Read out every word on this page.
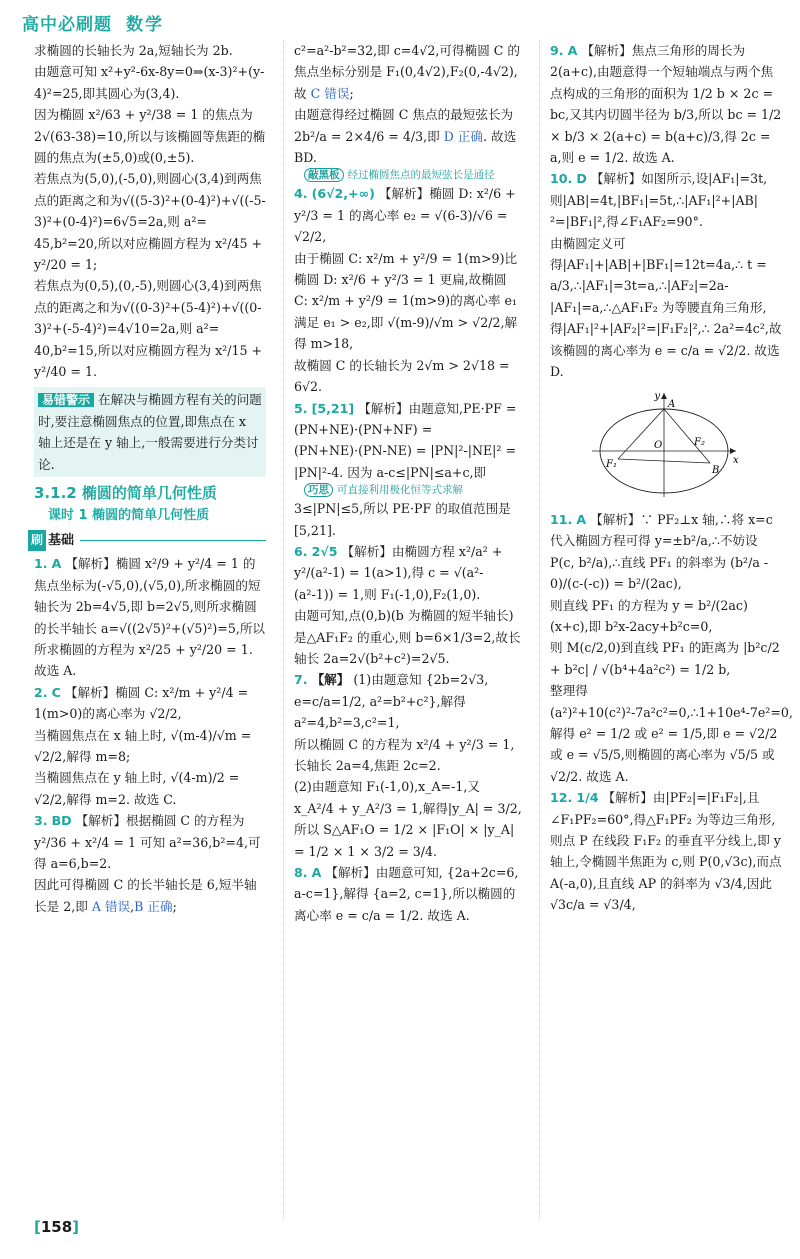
高中必刷题 数学

求椭圆的长轴长为 2a,短轴长为 2b.

由题意可知 x²+y²-6x-8y=0⇒(x-3)²+(y-4)²=25,即其圆心为(3,4).

因为椭圆 x²/63 + y²/38 = 1 的焦点为

2√(63-38)=10,所以与该椭圆等焦距的椭圆的焦点为(±5,0)或(0,±5).

若焦点为(5,0),(-5,0),则圆心(3,4)到两焦点的距离之和为√((5-3)²+(0-4)²)+√((-5-3)²+(0-4)²)=6√5=2a,则 a²=

45,b²=20,所以对应椭圆方程为 x²/45 + y²/20 = 1;

若焦点为(0,5),(0,-5),则圆心(3,4)到两焦点的距离之和为√((0-3)²+(5-4)²)+√((0-3)²+(-5-4)²)=4√10=2a,则 a²=

40,b²=15,所以对应椭圆方程为 x²/15 + y²/40 = 1.

易错警示 在解决与椭圆方程有关的问题时,要注意椭圆焦点的位置,即焦点在 x 轴上还是在 y 轴上,一般需要进行分类讨论.
3.1.2 椭圆的简单几何性质
课时 1 椭圆的简单几何性质
刷 基础

1. A 【解析】椭圆 x²/9 + y²/4 = 1 的焦点坐标为(-√5,0),(√5,0),所求椭圆的短轴长为 2b=4√5,即 b=2√5,则所求椭圆的长半轴长 a=√((2√5)²+(√5)²)=5,所以所求椭圆的方程为 x²/25 + y²/20 = 1. 故选 A.

2. C 【解析】椭圆 C: x²/m + y²/4 = 1(m>0)的离心率为 √2/2,

当椭圆焦点在 x 轴上时, √(m-4)/√m = √2/2,解得 m=8;

当椭圆焦点在 y 轴上时, √(4-m)/2 = √2/2,解得 m=2. 故选 C.

3. BD 【解析】根据椭圆 C 的方程为 y²/36 + x²/4 = 1 可知 a²=36,b²=4,可得 a=6,b=2.

因此可得椭圆 C 的长半轴长是 6,短半轴长是 2,即 A 错误,B 正确;

c²=a²-b²=32,即 c=4√2,可得椭圆 C 的焦点坐标分别是 F₁(0,4√2),F₂(0,-4√2),故 C 错误;

由题意得经过椭圆 C 焦点的最短弦长为 2b²/a = 2×4/6 = 4/3,即 D 正确. 故选 BD.

敲黑板 经过椭圆焦点的最短弦长是通径

4. (6√2,+∞) 【解析】椭圆 D: x²/6 + y²/3 = 1 的离心率 e₂ = √(6-3)/√6 = √2/2,

由于椭圆 C: x²/m + y²/9 = 1(m>9)比椭圆 D: x²/6 + y²/3 = 1 更扁,故椭圆 C: x²/m + y²/9 = 1(m>9)的离心率 e₁ 满足 e₁ > e₂,即 √(m-9)/√m > √2/2,解得 m>18,

故椭圆 C 的长轴长为 2√m > 2√18 = 6√2.

5. [5,21] 【解析】由题意知,PE·PF = (PN+NE)·(PN+NF) = (PN+NE)·(PN-NE) = |PN|²-|NE|² = |PN|²-4. 因为 a-c≤|PN|≤a+c,即

巧思 可直接利用极化恒等式求解

3≤|PN|≤5,所以 PE·PF 的取值范围是[5,21].

6. 2√5 【解析】由椭圆方程 x²/a² + y²/(a²-1) = 1(a>1),得 c = √(a²-(a²-1)) = 1,则 F₁(-1,0),F₂(1,0).

由题可知,点(0,b)(b 为椭圆的短半轴长)是△AF₁F₂ 的重心,则 b=6×1/3=2,故长轴长 2a=2√(b²+c²)=2√5.

7. 【解】 (1)由题意知 {2b=2√3, e=c/a=1/2, a²=b²+c²},解得 a²=4,b²=3,c²=1,

所以椭圆 C 的方程为 x²/4 + y²/3 = 1,长轴长 2a=4,焦距 2c=2.

(2)由题意知 F₁(-1,0),x_A=-1,又 x_A²/4 + y_A²/3 = 1,解得|y_A| = 3/2,

所以 S△AF₁O = 1/2 × |F₁O| × |y_A| = 1/2 × 1 × 3/2 = 3/4.

8. A 【解析】由题意可知, {2a+2c=6, a-c=1},解得 {a=2, c=1},所以椭圆的离心率 e = c/a = 1/2. 故选 A.

9. A 【解析】焦点三角形的周长为 2(a+c),由题意得一个短轴端点与两个焦点构成的三角形的面积为 1/2 b × 2c = bc,又其内切圆半径为 b/3,所以 bc = 1/2 × b/3 × 2(a+c) = b(a+c)/3,得 2c = a,则 e = 1/2. 故选 A.

10. D 【解析】如图所示,设|AF₁|=3t,则|AB|=4t,|BF₁|=5t,∴|AF₁|²+|AB|²=|BF₁|²,得∠F₁AF₂=90°.

由椭圆定义可得|AF₁|+|AB|+|BF₁|=12t=4a,∴ t = a/3,∴|AF₁|=3t=a,∴|AF₂|=2a-|AF₁|=a,∴△AF₁F₂ 为等腰直角三角形,得|AF₁|²+|AF₂|²=|F₁F₂|²,∴ 2a²=4c²,故该椭圆的离心率为 e = c/a = √2/2. 故选 D.

y
x
A
O
F₁
F₂
B

11. A 【解析】∵ PF₂⊥x 轴,∴将 x=c 代入椭圆方程可得 y=±b²/a,∴不妨设 P(c, b²/a),∴直线 PF₁ 的斜率为 (b²/a - 0)/(c-(-c)) = b²/(2ac),

则直线 PF₁ 的方程为 y = b²/(2ac)(x+c),即 b²x-2acy+b²c=0,

则 M(c/2,0)到直线 PF₁ 的距离为 |b²c/2 + b²c| / √(b⁴+4a²c²) = 1/2 b,

整理得(a²)²+10(c²)²-7a²c²=0,∴1+10e⁴-7e²=0,解得 e² = 1/2 或 e² = 1/5,即 e = √2/2 或 e = √5/5,则椭圆的离心率为 √5/5 或 √2/2. 故选 A.

12. 1/4 【解析】由|PF₂|=|F₁F₂|,且∠F₁PF₂=60°,得△F₁PF₂ 为等边三角形,则点 P 在线段 F₁F₂ 的垂直平分线上,即 y 轴上,令椭圆半焦距为 c,则 P(0,√3c),而点 A(-a,0),且直线 AP 的斜率为 √3/4,因此 √3c/a = √3/4,

[158]
